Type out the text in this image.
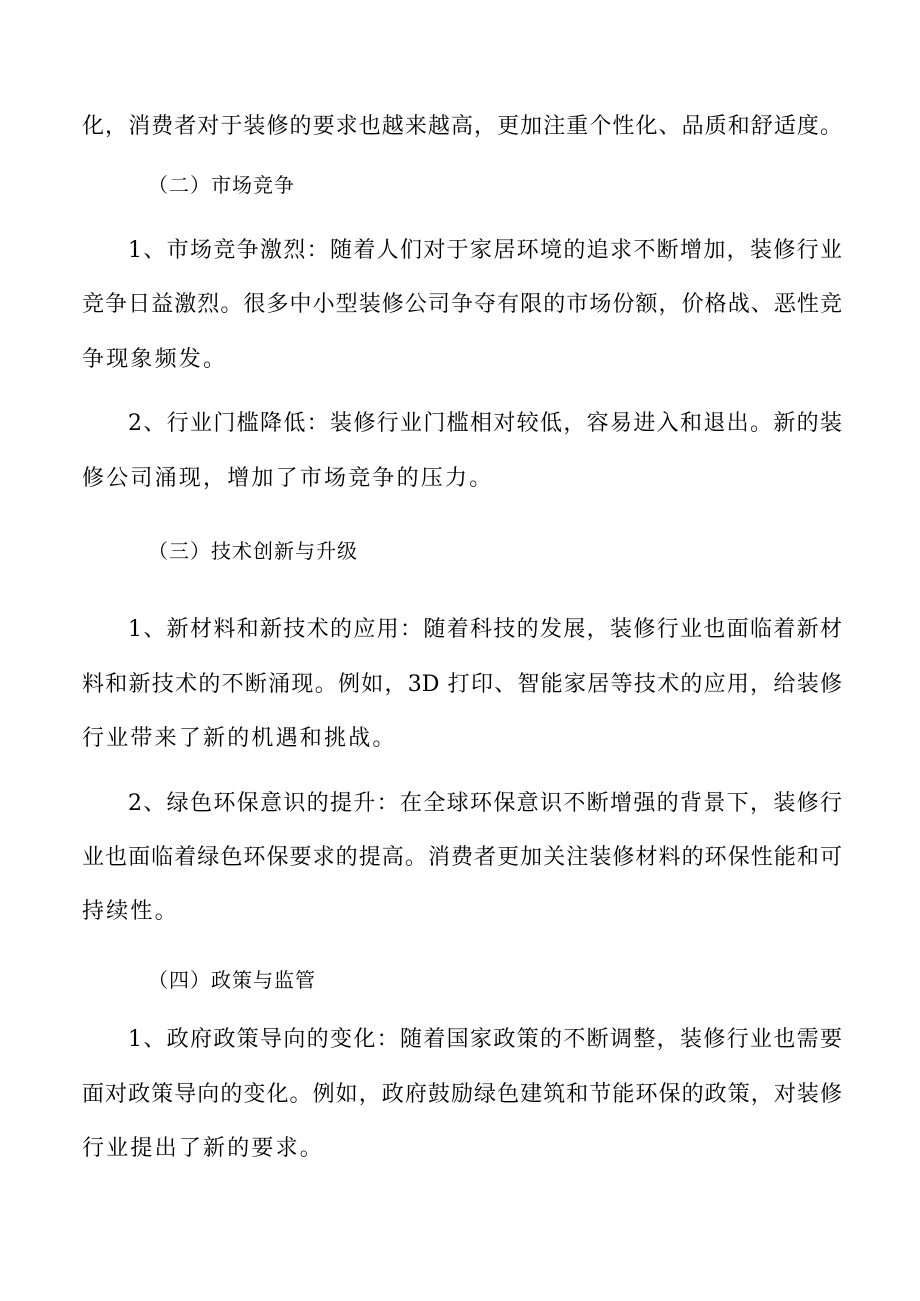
化，消费者对于装修的要求也越来越高，更加注重个性化、品质和舒适度。
（二）市场竞争
1、市场竞争激烈：随着人们对于家居环境的追求不断增加，装修行业
竞争日益激烈。很多中小型装修公司争夺有限的市场份额，价格战、恶性竞
争现象频发。
2、行业门槛降低：装修行业门槛相对较低，容易进入和退出。新的装
修公司涌现，增加了市场竞争的压力。
（三）技术创新与升级
1、新材料和新技术的应用：随着科技的发展，装修行业也面临着新材
料和新技术的不断涌现。例如，3D 打印、智能家居等技术的应用，给装修
行业带来了新的机遇和挑战。
2、绿色环保意识的提升：在全球环保意识不断增强的背景下，装修行
业也面临着绿色环保要求的提高。消费者更加关注装修材料的环保性能和可
持续性。
（四）政策与监管
1、政府政策导向的变化：随着国家政策的不断调整，装修行业也需要
面对政策导向的变化。例如，政府鼓励绿色建筑和节能环保的政策，对装修
行业提出了新的要求。
